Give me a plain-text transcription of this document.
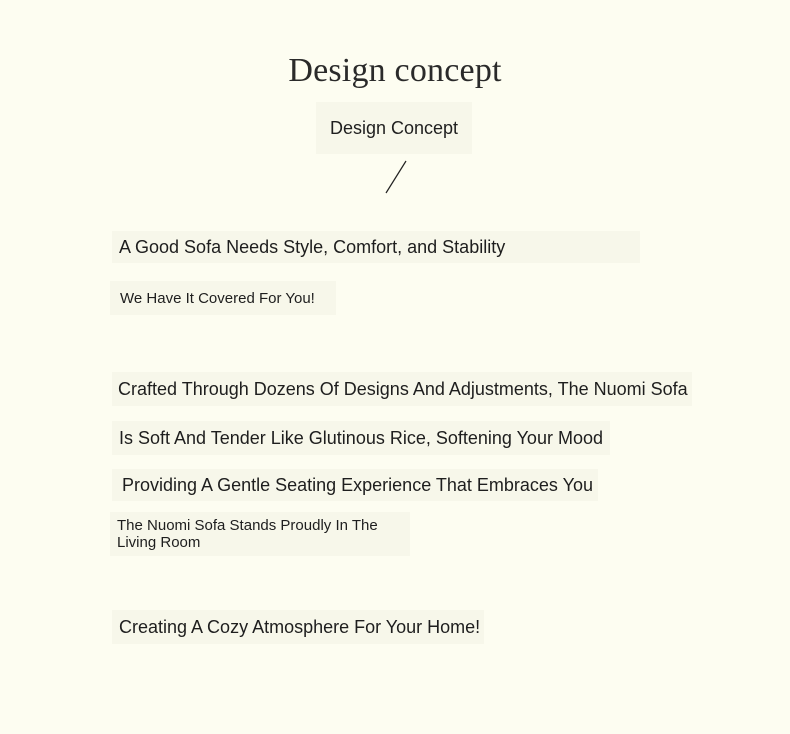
Design concept
Design Concept
A Good Sofa Needs Style, Comfort, and Stability
We Have It Covered For You!
Crafted Through Dozens Of Designs And Adjustments, The Nuomi Sofa
Is Soft And Tender Like Glutinous Rice, Softening Your Mood
Providing A Gentle Seating Experience That Embraces You
The Nuomi Sofa Stands Proudly In The Living Room
Creating A Cozy Atmosphere For Your Home!
